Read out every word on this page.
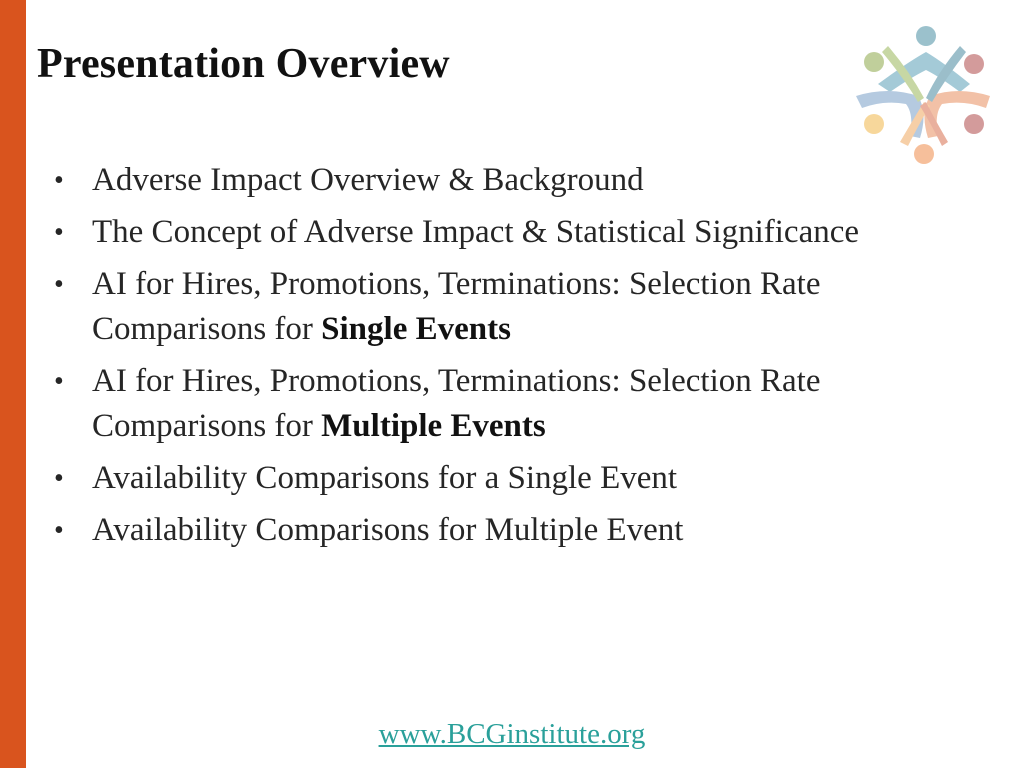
Presentation Overview
• Adverse Impact Overview & Background
• The Concept of Adverse Impact & Statistical Significance
• AI for Hires, Promotions, Terminations: Selection Rate Comparisons for Single Events
• AI for Hires, Promotions, Terminations: Selection Rate Comparisons for Multiple Events
• Availability Comparisons for a Single Event
• Availability Comparisons for Multiple Event
www.BCGinstitute.org
